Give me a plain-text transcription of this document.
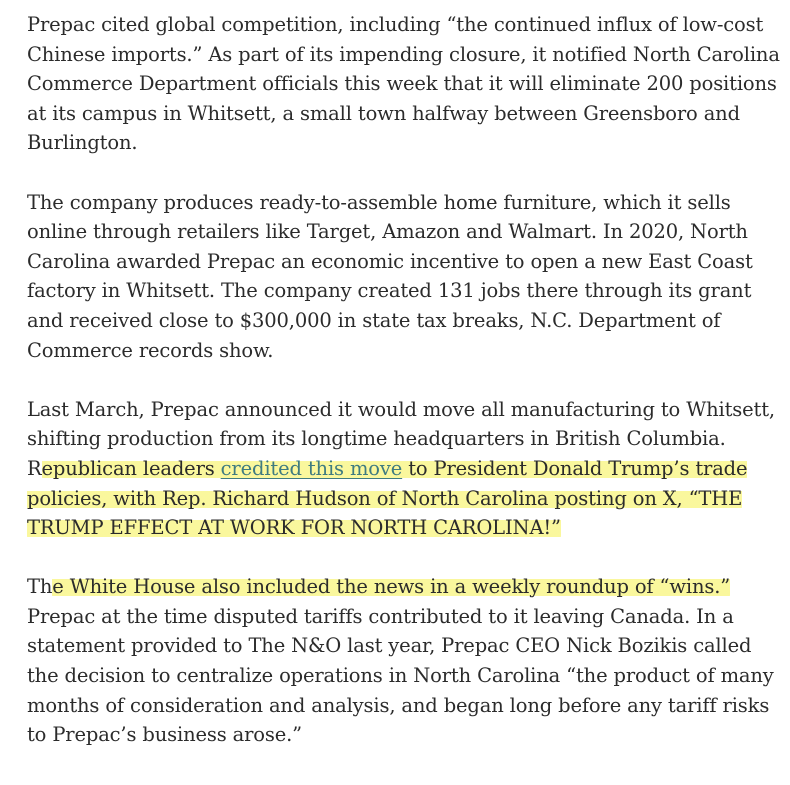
Prepac cited global competition, including “the continued influx of low-cost Chinese imports.” As part of its impending closure, it notified North Carolina Commerce Department officials this week that it will eliminate 200 positions at its campus in Whitsett, a small town halfway between Greensboro and Burlington.

The company produces ready-to-assemble home furniture, which it sells online through retailers like Target, Amazon and Walmart. In 2020, North Carolina awarded Prepac an economic incentive to open a new East Coast factory in Whitsett. The company created 131 jobs there through its grant and received close to $300,000 in state tax breaks, N.C. Department of Commerce records show.

Last March, Prepac announced it would move all manufacturing to Whitsett, shifting production from its longtime headquarters in British Columbia. Republican leaders credited this move to President Donald Trump’s trade policies, with Rep. Richard Hudson of North Carolina posting on X, “THE TRUMP EFFECT AT WORK FOR NORTH CAROLINA!”

The White House also included the news in a weekly roundup of “wins.” Prepac at the time disputed tariffs contributed to it leaving Canada. In a statement provided to The N&O last year, Prepac CEO Nick Bozikis called the decision to centralize operations in North Carolina “the product of many months of consideration and analysis, and began long before any tariff risks to Prepac’s business arose.”
